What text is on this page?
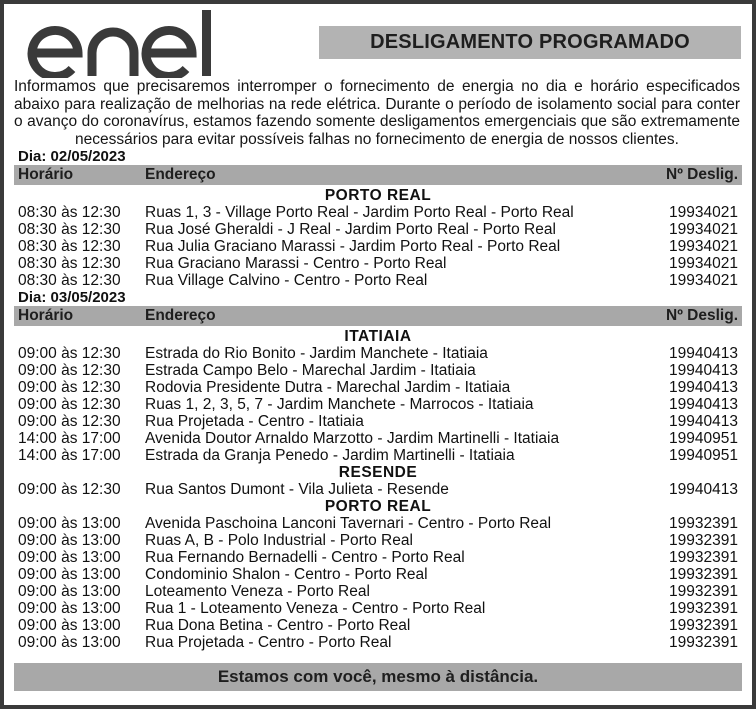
DESLIGAMENTO PROGRAMADO
Informamos que precisaremos interromper o fornecimento de energia no dia e horário especificados abaixo para realização de melhorias na rede elétrica. Durante o período de isolamento social para conter o avanço do coronavírus, estamos fazendo somente desligamentos emergenciais que são extremamente necessários para evitar possíveis falhas no fornecimento de energia de nossos clientes.
Dia: 02/05/2023
Horário	Endereço	Nº Deslig.
PORTO REAL
08:30 às 12:30	Ruas 1, 3 - Village Porto Real - Jardim Porto Real - Porto Real	19934021
08:30 às 12:30	Rua José Gheraldi - J Real - Jardim Porto Real - Porto Real	19934021
08:30 às 12:30	Rua Julia Graciano Marassi - Jardim Porto Real - Porto Real	19934021
08:30 às 12:30	Rua Graciano Marassi - Centro - Porto Real	19934021
08:30 às 12:30	Rua Village Calvino - Centro - Porto Real	19934021
Dia: 03/05/2023
Horário	Endereço	Nº Deslig.
ITATIAIA
09:00 às 12:30	Estrada do Rio Bonito - Jardim Manchete - Itatiaia	19940413
09:00 às 12:30	Estrada Campo Belo - Marechal Jardim - Itatiaia	19940413
09:00 às 12:30	Rodovia Presidente Dutra - Marechal Jardim - Itatiaia	19940413
09:00 às 12:30	Ruas 1, 2, 3, 5, 7 - Jardim Manchete - Marrocos - Itatiaia	19940413
09:00 às 12:30	Rua Projetada - Centro - Itatiaia	19940413
14:00 às 17:00	Avenida Doutor Arnaldo Marzotto - Jardim Martinelli - Itatiaia	19940951
14:00 às 17:00	Estrada da Granja Penedo - Jardim Martinelli - Itatiaia	19940951
RESENDE
09:00 às 12:30	Rua Santos Dumont - Vila Julieta - Resende	19940413
PORTO REAL
09:00 às 13:00	Avenida Paschoina Lanconi Tavernari - Centro - Porto Real	19932391
09:00 às 13:00	Ruas A, B - Polo Industrial - Porto Real	19932391
09:00 às 13:00	Rua Fernando Bernadelli - Centro - Porto Real	19932391
09:00 às 13:00	Condominio Shalon - Centro - Porto Real	19932391
09:00 às 13:00	Loteamento Veneza - Porto Real	19932391
09:00 às 13:00	Rua 1 - Loteamento Veneza - Centro - Porto Real	19932391
09:00 às 13:00	Rua Dona Betina - Centro - Porto Real	19932391
09:00 às 13:00	Rua Projetada - Centro - Porto Real	19932391
Estamos com você, mesmo à distância.
